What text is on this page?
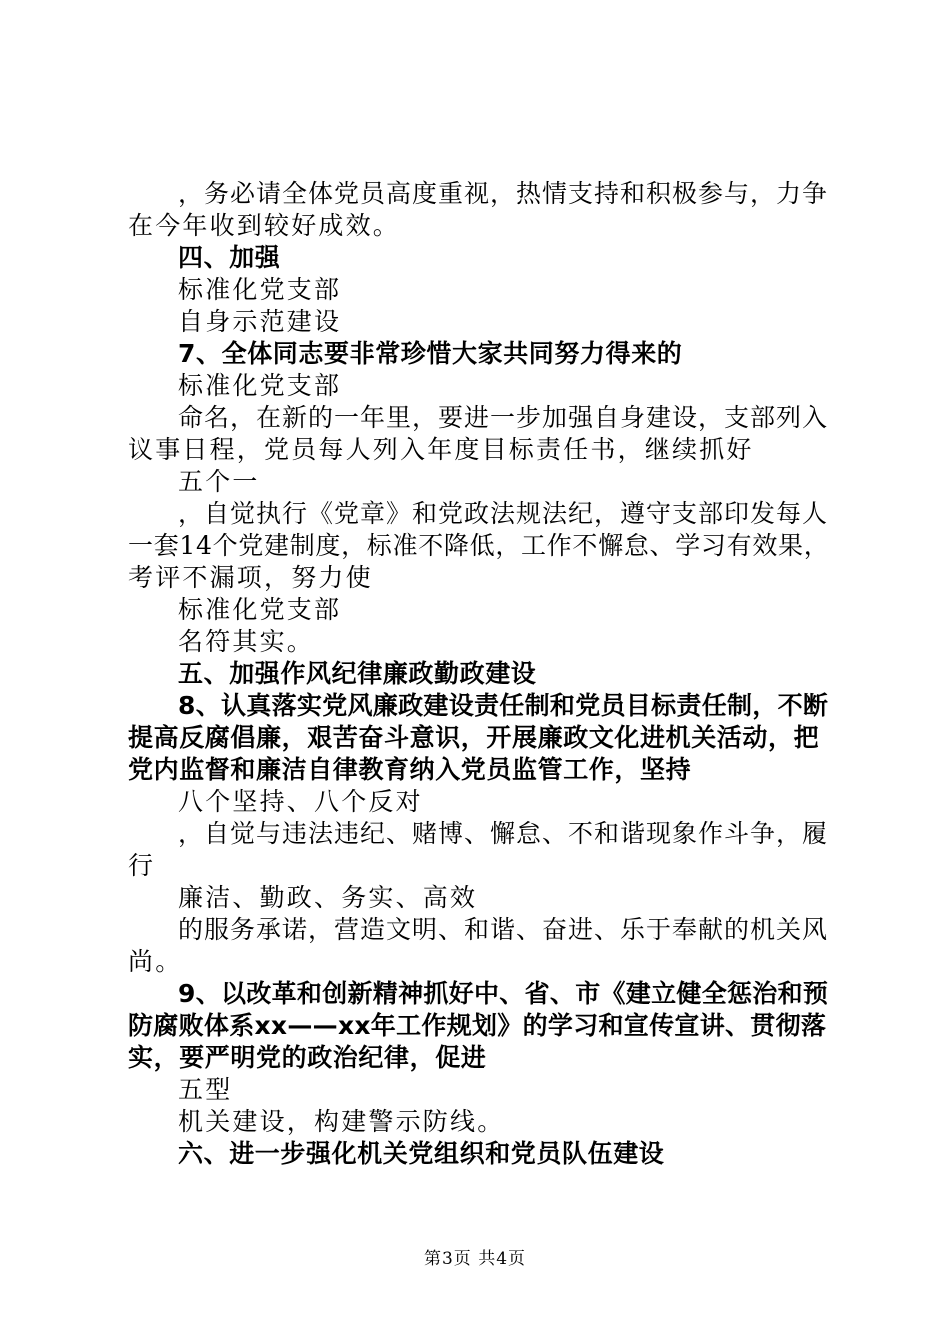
，务必请全体党员高度重视，热情支持和积极参与，力争
在今年收到较好成效。
四、加强
标准化党支部
自身示范建设
7、全体同志要非常珍惜大家共同努力得来的
标准化党支部
命名，在新的一年里，要进一步加强自身建设，支部列入
议事日程，党员每人列入年度目标责任书，继续抓好
五个一
，自觉执行《党章》和党政法规法纪，遵守支部印发每人
一套14个党建制度，标准不降低，工作不懈怠、学习有效果，
考评不漏项，努力使
标准化党支部
名符其实。
五、加强作风纪律廉政勤政建设
8、认真落实党风廉政建设责任制和党员目标责任制，不断
提高反腐倡廉，艰苦奋斗意识，开展廉政文化进机关活动，把
党内监督和廉洁自律教育纳入党员监管工作，坚持
八个坚持、八个反对
，自觉与违法违纪、赌博、懈怠、不和谐现象作斗争，履
行
廉洁、勤政、务实、高效
的服务承诺，营造文明、和谐、奋进、乐于奉献的机关风
尚。
9、以改革和创新精神抓好中、省、市《建立健全惩治和预
防腐败体系xx——xx年工作规划》的学习和宣传宣讲、贯彻落
实，要严明党的政治纪律，促进
五型
机关建设，构建警示防线。
六、进一步强化机关党组织和党员队伍建设
第3页 共4页
